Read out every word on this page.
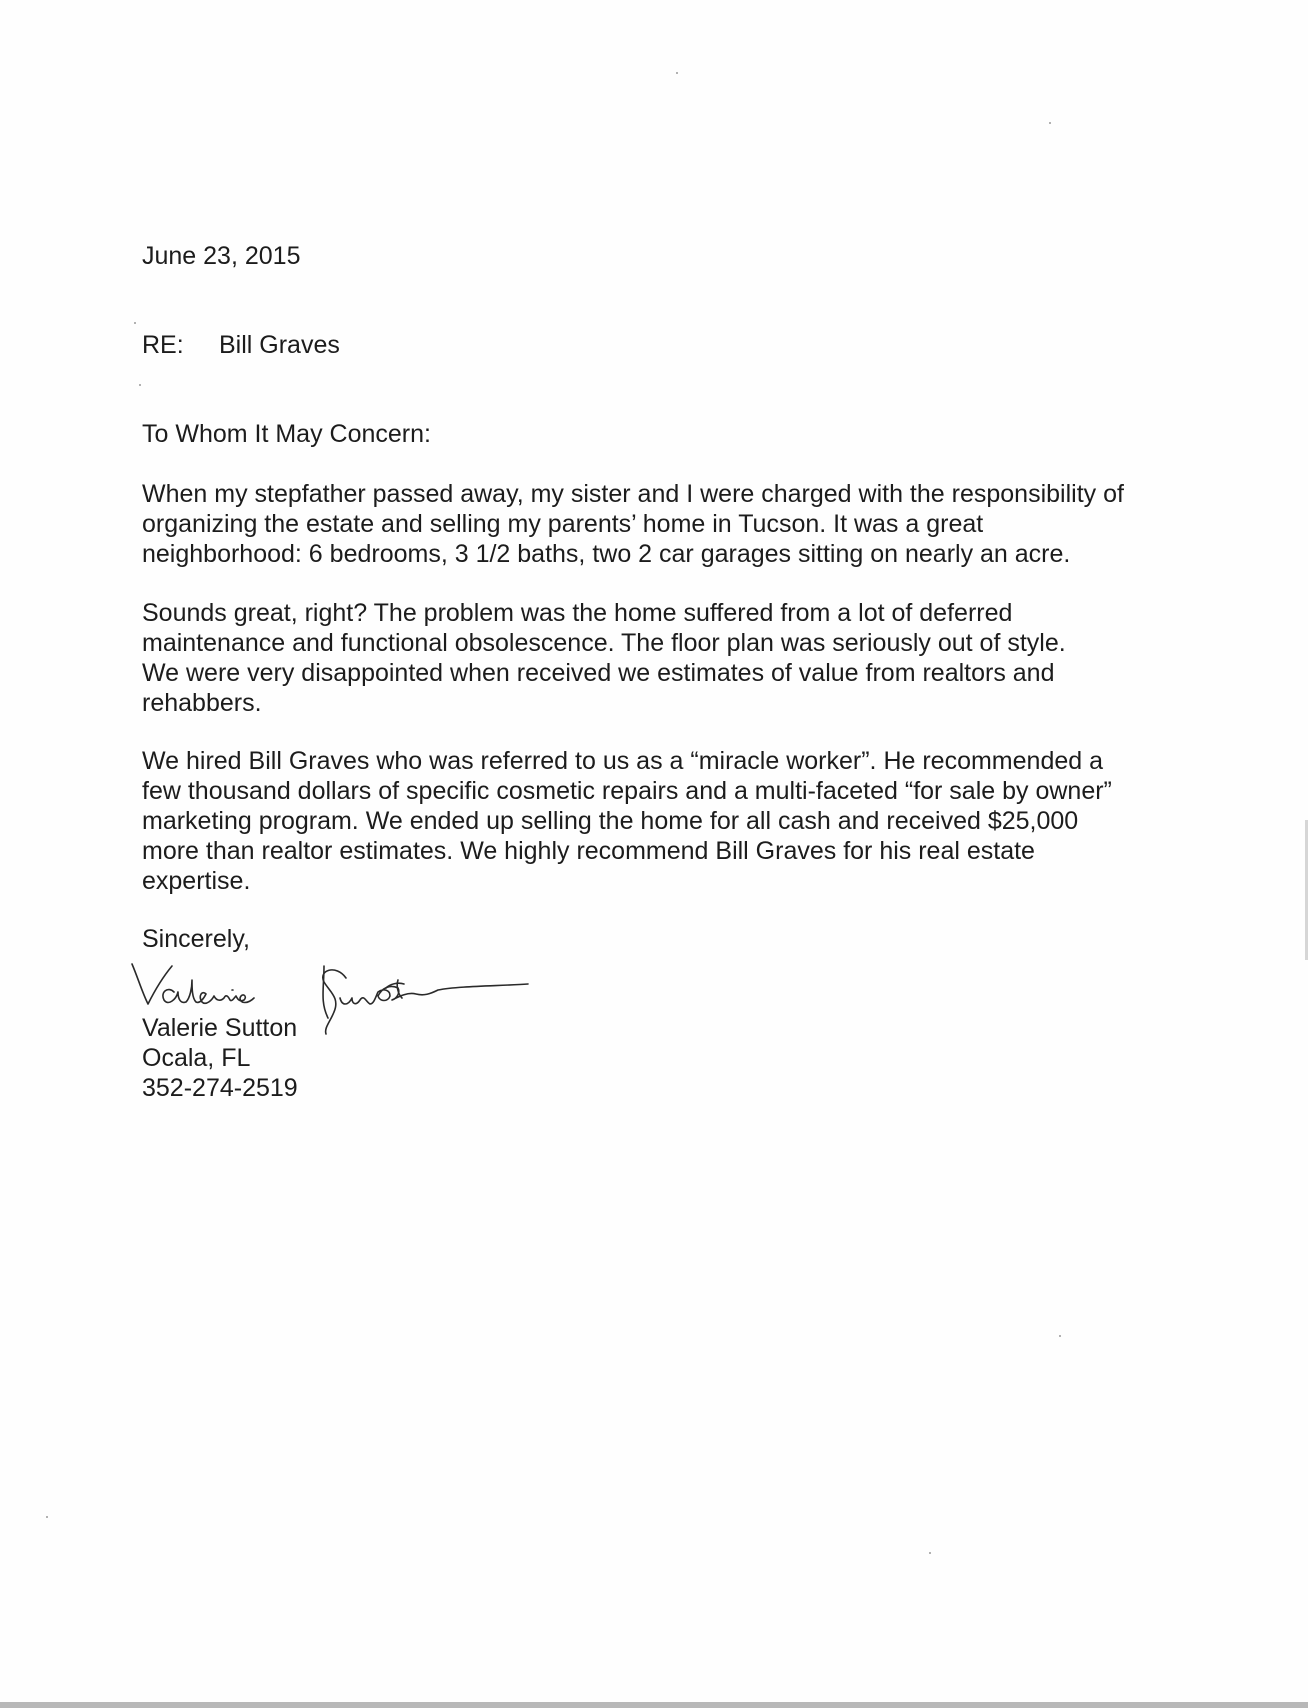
June 23, 2015
RE: Bill Graves
To Whom It May Concern:

When my stepfather passed away, my sister and I were charged with the responsibility of
organizing the estate and selling my parents’ home in Tucson. It was a great
neighborhood: 6 bedrooms, 3 1/2 baths, two 2 car garages sitting on nearly an acre.

Sounds great, right? The problem was the home suffered from a lot of deferred
maintenance and functional obsolescence. The floor plan was seriously out of style.
We were very disappointed when received we estimates of value from realtors and
rehabbers.

We hired Bill Graves who was referred to us as a “miracle worker”. He recommended a
few thousand dollars of specific cosmetic repairs and a multi-faceted “for sale by owner”
marketing program. We ended up selling the home for all cash and received $25,000
more than realtor estimates. We highly recommend Bill Graves for his real estate
expertise.

Sincerely,
Valerie Sutton
Ocala, FL
352-274-2519
